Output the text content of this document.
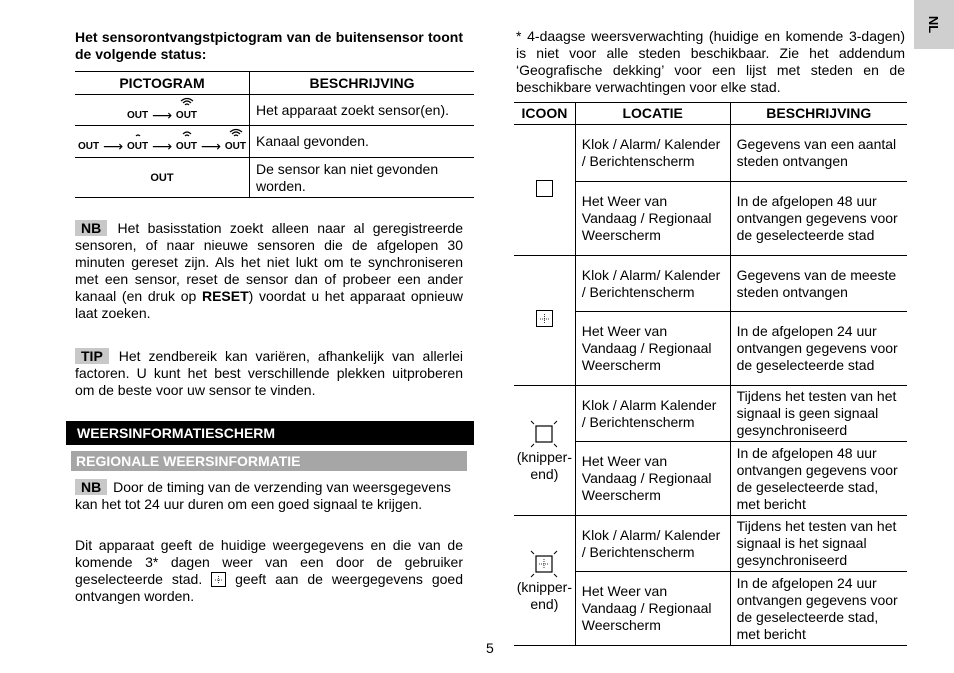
NL
Het sensorontvangstpictogram van de buitensensor toont de volgende status:
PICTOGRAM	BESCHRIJVING
OUT ⟶ OUT	Het apparaat zoekt sensor(en).
OUT ⟶ OUT ⟶ OUT ⟶ OUT	Kanaal gevonden.
OUT	De sensor kan niet gevonden worden.
NB Het basisstation zoekt alleen naar al geregistreerde sensoren, of naar nieuwe sensoren die de afgelopen 30 minuten gereset zijn. Als het niet lukt om te synchroniseren met een sensor, reset de sensor dan of probeer een ander kanaal (en druk op RESET) voordat u het apparaat opnieuw laat zoeken.
TIP Het zendbereik kan variëren, afhankelijk van allerlei factoren. U kunt het best verschillende plekken uitproberen om de beste voor uw sensor te vinden.
WEERSINFORMATIESCHERM
REGIONALE WEERSINFORMATIE
NB Door de timing van de verzending van weersgegevens kan het tot 24 uur duren om een goed signaal te krijgen.
Dit apparaat geeft de huidige weergegevens en die van de komende 3* dagen weer van een door de gebruiker geselecteerde stad. geeft aan de weergegevens goed ontvangen worden.
* 4-daagse weersverwachting (huidige en komende 3-dagen) is niet voor alle steden beschikbaar. Zie het addendum ‘Geografische dekking’ voor een lijst met steden en de beschikbare verwachtingen voor elke stad.
ICOON	LOCATIE	BESCHRIJVING
	Klok / Alarm/ Kalender / Berichtenscherm	Gegevens van een aantal steden ontvangen
	Het Weer van Vandaag / Regionaal Weerscherm	In de afgelopen 48 uur ontvangen gegevens voor de geselecteerde stad

	Klok / Alarm/ Kalender / Berichtenscherm	Gegevens van de meeste steden ontvangen
	Het Weer van Vandaag / Regionaal Weerscherm	In de afgelopen 24 uur ontvangen gegevens voor de geselecteerde stad

(knipper-end)	Klok / Alarm Kalender / Berichtenscherm	Tijdens het testen van het signaal is geen signaal gesynchroniseerd
	Het Weer van Vandaag / Regionaal Weerscherm	In de afgelopen 48 uur ontvangen gegevens voor de geselecteerde stad, met bericht

(knipper-end)	Klok / Alarm/ Kalender / Berichtenscherm	Tijdens het testen van het signaal is het signaal gesynchroniseerd
	Het Weer van Vandaag / Regionaal Weerscherm	In de afgelopen 24 uur ontvangen gegevens voor de geselecteerde stad, met bericht
5
